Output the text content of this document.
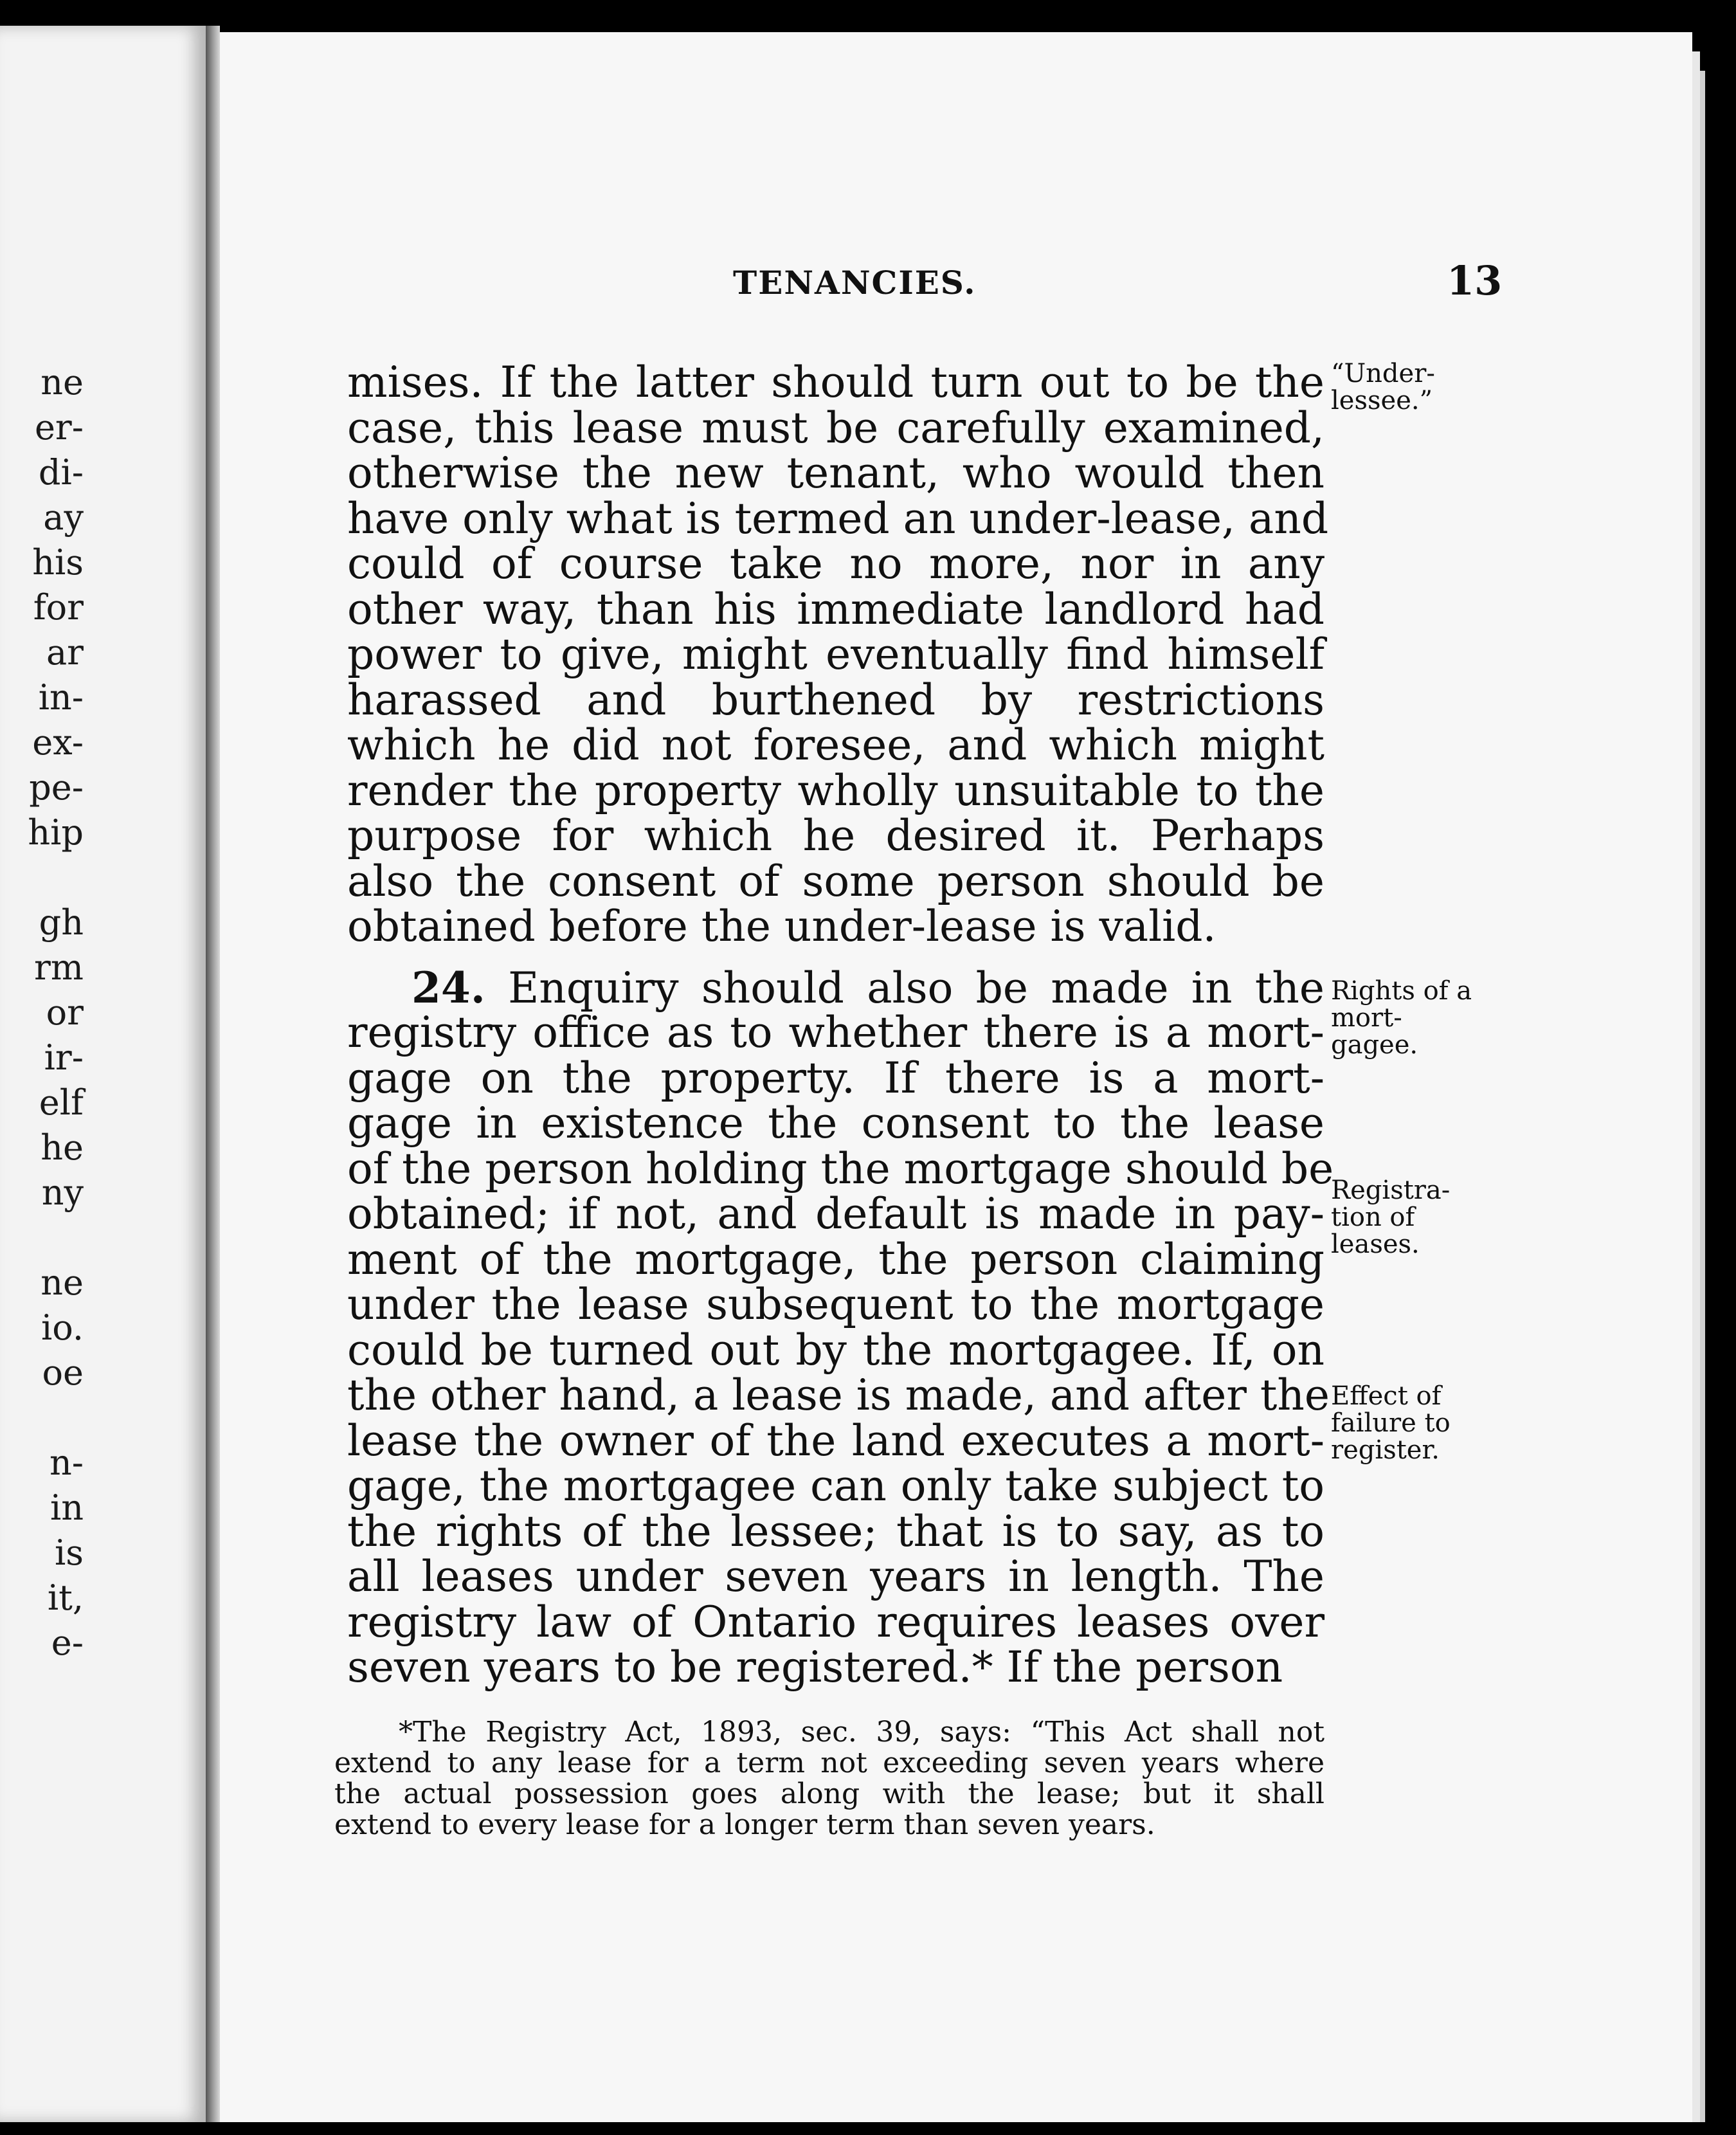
ne
er-
di-
ay
his
for
ar
in-
ex-
pe-
hip
gh
rm
or
ir-
elf
he
ny
ne
io.
oe
n-
in
is
it,
e-
TENANCIES.	13
mises. If the latter should turn out to be the
case, this lease must be carefully examined,
otherwise the new tenant, who would then
have only what is termed an under-lease, and
could of course take no more, nor in any
other way, than his immediate landlord had
power to give, might eventually find himself
harassed and burthened by restrictions
which he did not foresee, and which might
render the property wholly unsuitable to the
purpose for which he desired it. Perhaps
also the consent of some person should be
obtained before the under-lease is valid.
24. Enquiry should also be made in the
registry office as to whether there is a mort-
gage on the property. If there is a mort-
gage in existence the consent to the lease
of the person holding the mortgage should be
obtained; if not, and default is made in pay-
ment of the mortgage, the person claiming
under the lease subsequent to the mortgage
could be turned out by the mortgagee. If, on
the other hand, a lease is made, and after the
lease the owner of the land executes a mort-
gage, the mortgagee can only take subject to
the rights of the lessee; that is to say, as to
all leases under seven years in length. The
registry law of Ontario requires leases over
seven years to be registered.* If the person
“Under-lessee.”
Rights of a mort-gagee.
Registra-tion of leases.
Effect of failure to register.
*The Registry Act, 1893, sec. 39, says: “This Act shall not
extend to any lease for a term not exceeding seven years where
the actual possession goes along with the lease; but it shall
extend to every lease for a longer term than seven years.
